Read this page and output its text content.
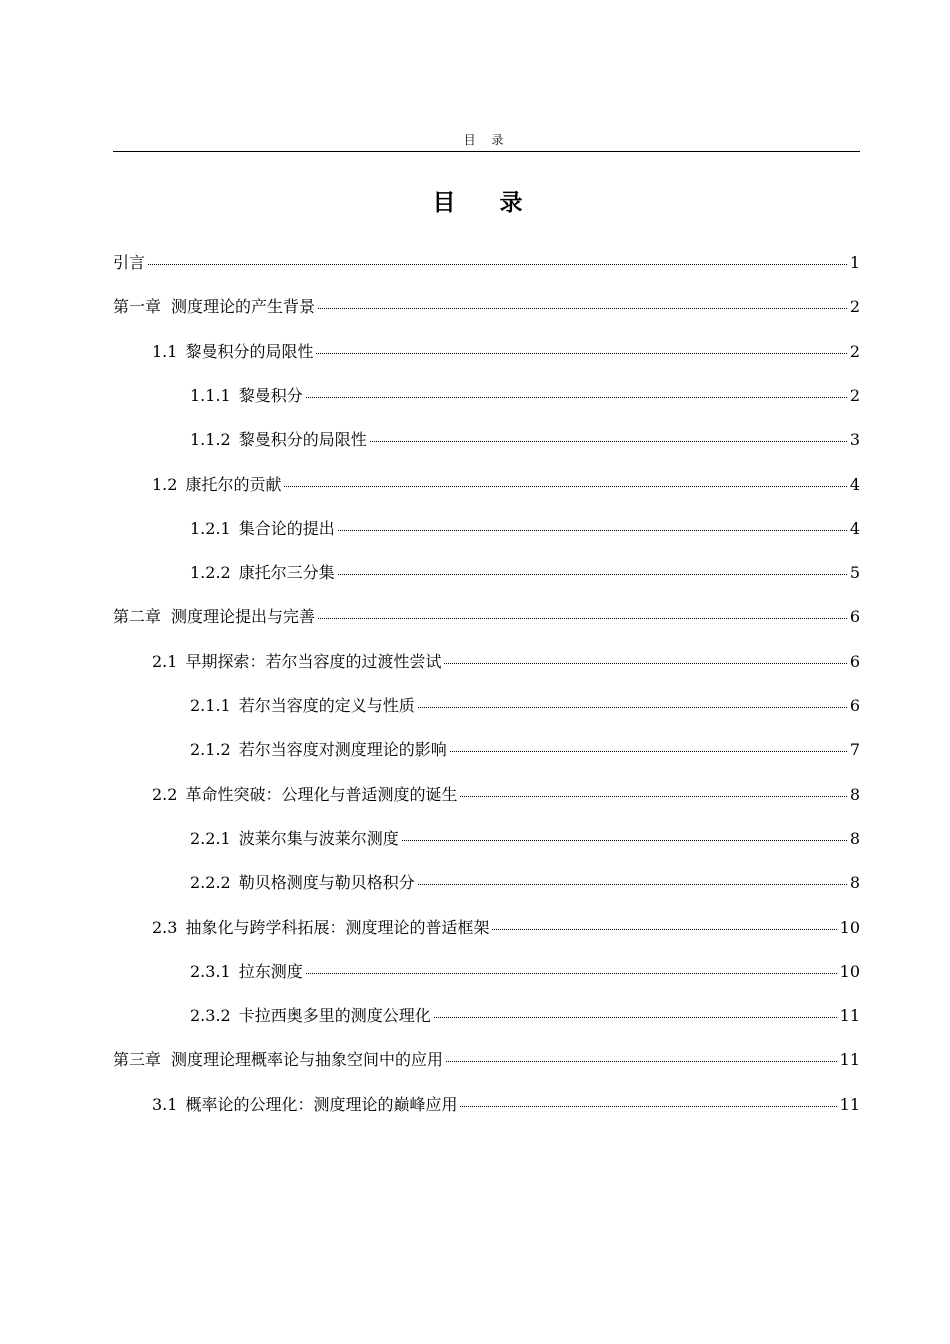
目 录
目 录
引言	1
第一章 测度理论的产生背景	2
1.1 黎曼积分的局限性	2
1.1.1 黎曼积分	2
1.1.2 黎曼积分的局限性	3
1.2 康托尔的贡献	4
1.2.1 集合论的提出	4
1.2.2 康托尔三分集	5
第二章 测度理论提出与完善	6
2.1 早期探索：若尔当容度的过渡性尝试	6
2.1.1 若尔当容度的定义与性质	6
2.1.2 若尔当容度对测度理论的影响	7
2.2 革命性突破：公理化与普适测度的诞生	8
2.2.1 波莱尔集与波莱尔测度	8
2.2.2 勒贝格测度与勒贝格积分	8
2.3 抽象化与跨学科拓展：测度理论的普适框架	10
2.3.1 拉东测度	10
2.3.2 卡拉西奥多里的测度公理化	11
第三章 测度理论理概率论与抽象空间中的应用	11
3.1 概率论的公理化：测度理论的巅峰应用	11
